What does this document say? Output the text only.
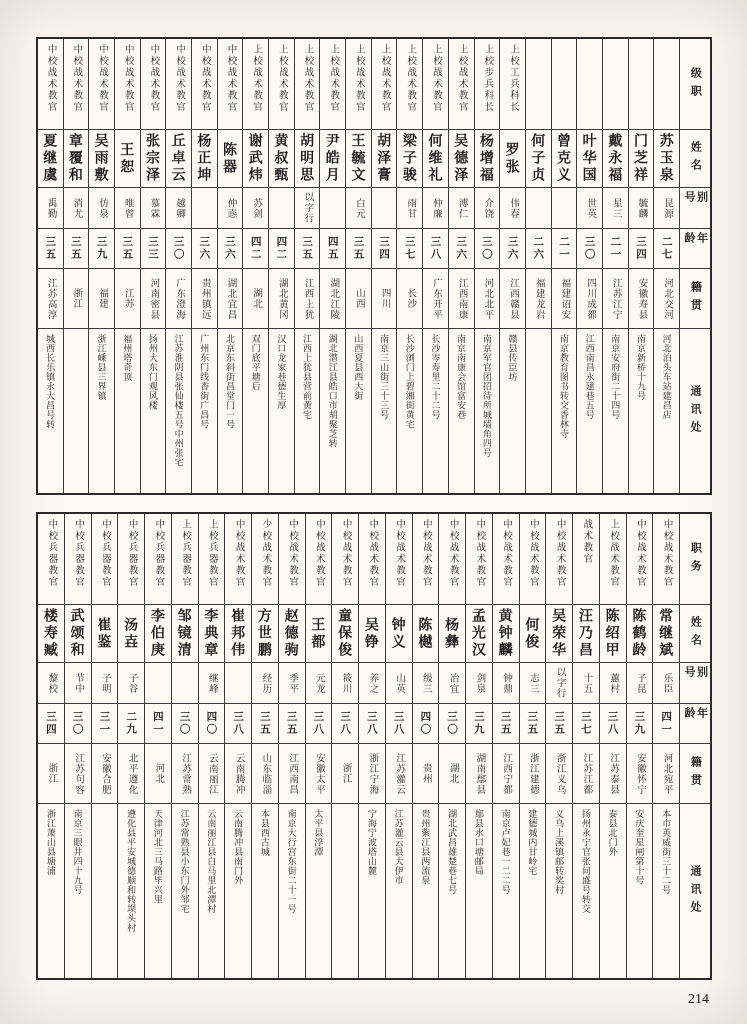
级职
姓名
别号
年龄
籍贯
通讯处
苏玉泉
昆源
二七
河北交河
河北泊头车站建昌店
门芝祥
毓麟
三四
安徽寿县
南京新桥十九号
戴永福
星三
二一
江苏江宁
南京安府街二十四号
叶华国
世英
三〇
四川成都
江西南昌永建巷五号
曾克义
二一
福建诏安
南京教育图书转交香林寺
何子贞
二六
福建龙岩
上校工兵科长
罗张
伟春
三六
江西赣县
赣县传臣坊
上校步兵科长
杨增福
介饶
三〇
河北北平
南京军官团招待所城墙角四号
上校战术教官
吴德泽
溥仁
三六
江西南康
南京南康会馆富安巷
上校战术教官
何维礼
仲廉
三八
广东开平
长沙岑寿里二十二号
上校战术教官
梁子骏
雨甘
三七
长沙
长沙浏门上碧湘街黄宅
上校战术教官
胡泽膏
三四
四川
南京三山街三十三号
上校战术教官
王毓文
白元
三五
山西
山西夏县西大街
上校战术教官
尹皓月
四五
湖北江陵
湖北潜江县皓口市胡聚芝转
上校战术教官
胡明思
以字行
三五
江西上犹
江西上犹县营前黄宅
上校战术教官
黄叔甄
四二
湖北黄冈
汉口龙家巷德生厚
上校战术教官
谢武炜
苏剑
四二
湖北
双门底平塘后
中校战术教官
陈器
仲悫
三六
湖北宜昌
北京东斜街昌堂门一号
中校战术教官
杨正坤
三六
贵州镇远
广州东门线香街广昌号
中校战术教官
丘卓云
越卿
三〇
广东澄海
江苏淮阴县张仙楼五号中州张宅
中校战术教官
张宗泽
慕霖
三三
河南密县
扬州大东门观风楼
中校战术教官
王恕
唯曾
三五
江苏
福州塔奇顶
中校战术教官
吴雨敷
仿泉
三九
福建
浙江嵊县三界镇
中校战术教官
章覆和
消尤
三五
浙江
中校战术教官
夏继虞
禹勤
三五
江苏高淳
城西长乐镇永大昌号转
职务
姓名
别号
年龄
籍贯
通讯处
中校战术教官
常继斌
乐臣
四一
河北宛平
本市英威街三十二号
中校战术教官
陈鹤龄
子昆
三九
安徽怀宁
安庆奎星闸第十号
上校战术教官
陈绍甲
蕙村
三八
江苏泰县
泰县北门外
战术教官
汪乃昌
十五
三七
江苏江都
扬州永宁官张问盛号转交
中校战术教官
吴荣华
以字行
三五
浙江义乌
义乌上溪镇邮转奖村
中校战术教官
何俊
志三
三五
浙江建德
建德城内甘岭宅
中校战术教官
黄钟麟
钟鼎
三五
江西宁都
南京卢妃巷一二二号
中校战术教官
孟光汉
剑泉
三九
湖南鄢县
鄢县水口塘邮局
中校战术教官
杨彝
冶宜
三〇
湖北
湖北武昌雄楚巷七号
中校战术教官
陈樾
级三
四〇
贵州
贵州紫江县两流泉
中校战术教官
钟义
山英
三八
江苏灌云
江苏灌云县大伊市
中校战术教官
吴铮
养之
三八
浙江宁海
宁海宁波塔山麓
中校战术教官
童保俊
筱川
三八
浙江
中校战术教官
王都
元龙
三八
安徽太平
太平县浮潭
中校战术教官
赵德驹
季平
三五
江西南昌
南京大行宫东街二十一号
少校战术教官
方世鹏
经历
三五
山东临淄
本县西古城
中校战术教官
崔邦伟
三八
云南腾冲
云南腾冲县南门外
上校兵器教官
李典章
继峰
四〇
云南丽江
云南丽江县白马里北潭村
上校兵器教官
邹镜清
三〇
江苏常熟
江苏常熟县小东门外邹宅
中校兵器教官
李伯庚
四一
河北
天津河北三马路毕兴里
中校兵器教官
汤壵
子谷
二九
北平遵化
遵化县平安城德顺和转坝头村
中校兵器教官
崔鉴
子明
三一
安徽合肥
中校兵器教官
武颂和
节中
三〇
江苏句容
南京三眼井四十九号
中校兵器教官
楼寿臧
黎校
三四
浙江
浙江萧山县塘浦
214
